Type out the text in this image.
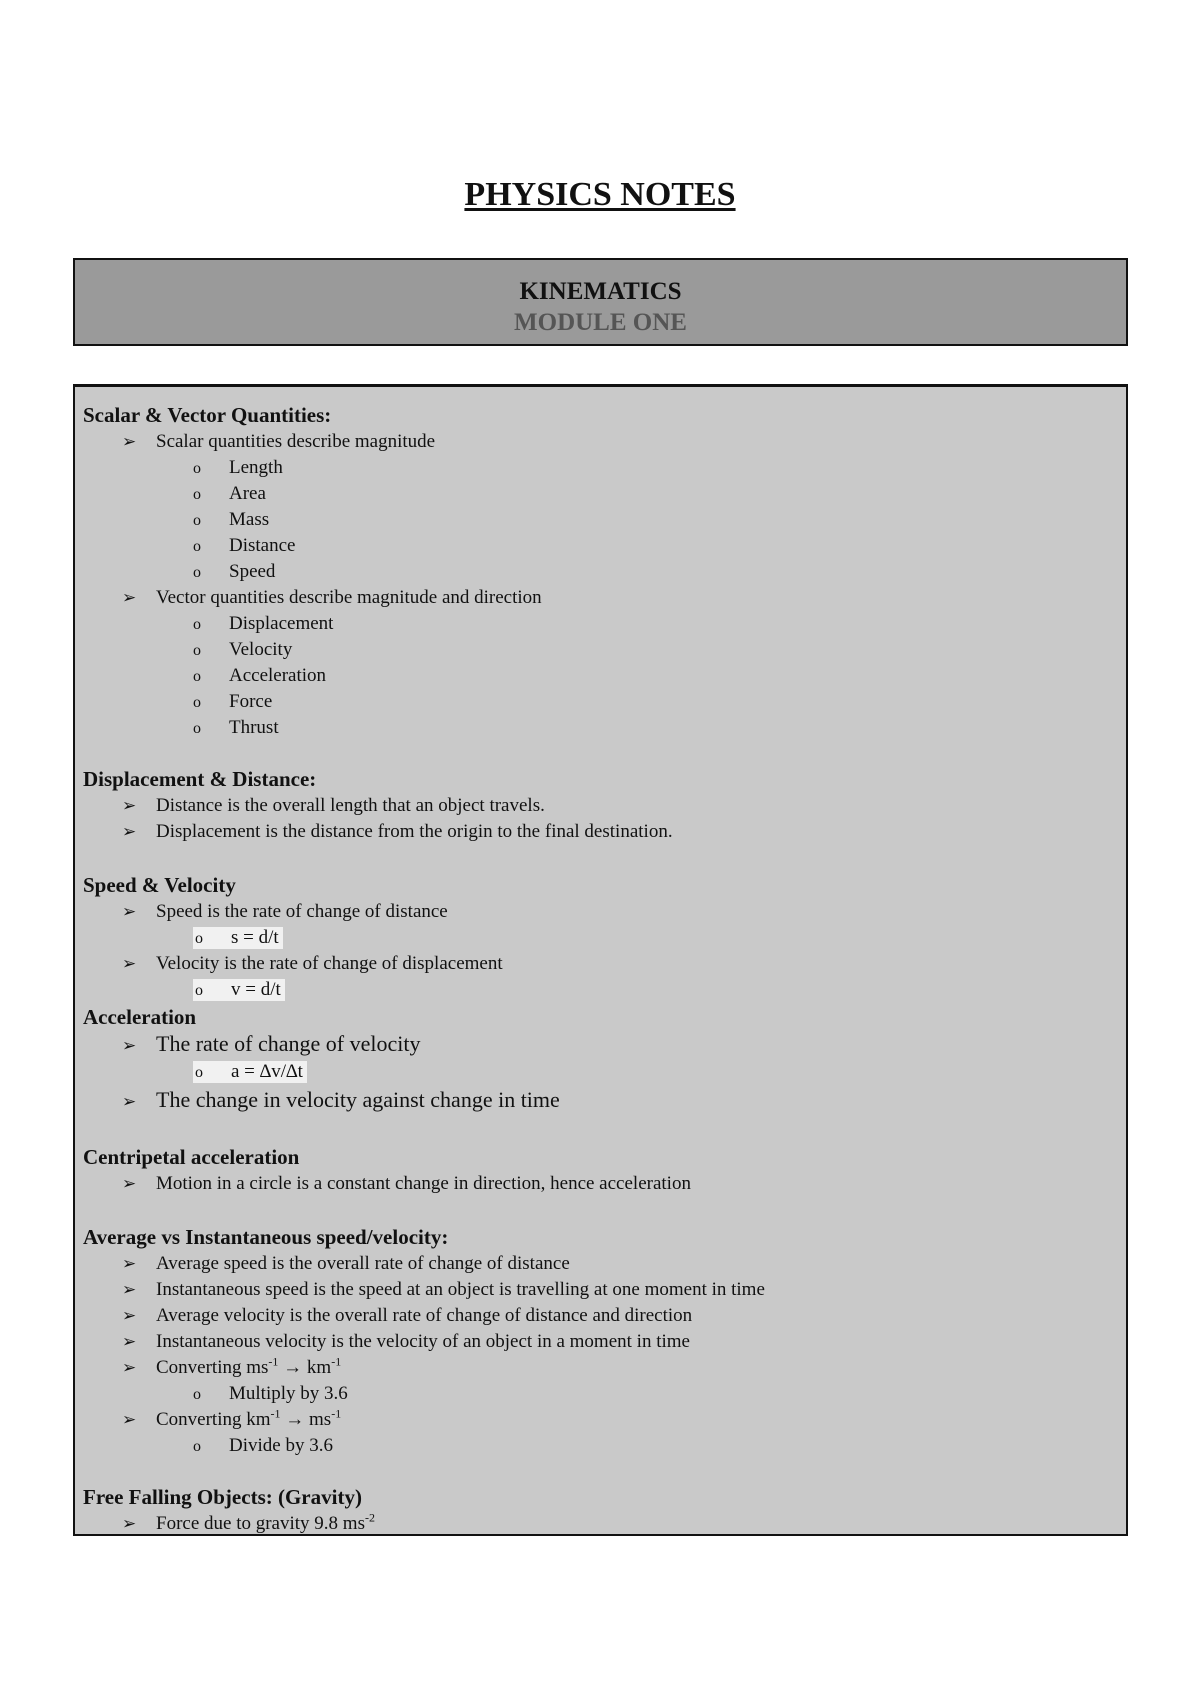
PHYSICS NOTES
KINEMATICS
MODULE ONE
Scalar & Vector Quantities:
➢ Scalar quantities describe magnitude
o Length
o Area
o Mass
o Distance
o Speed
➢ Vector quantities describe magnitude and direction
o Displacement
o Velocity
o Acceleration
o Force
o Thrust
Displacement & Distance:
➢ Distance is the overall length that an object travels.
➢ Displacement is the distance from the origin to the final destination.
Speed & Velocity
➢ Speed is the rate of change of distance
o s = d/t
➢ Velocity is the rate of change of displacement
o v = d/t
Acceleration
➢ The rate of change of velocity
o a = ∆v/∆t
➢ The change in velocity against change in time
Centripetal acceleration
➢ Motion in a circle is a constant change in direction, hence acceleration
Average vs Instantaneous speed/velocity:
➢ Average speed is the overall rate of change of distance
➢ Instantaneous speed is the speed at an object is travelling at one moment in time
➢ Average velocity is the overall rate of change of distance and direction
➢ Instantaneous velocity is the velocity of an object in a moment in time
➢ Converting $ms^{-1} \to km^{-1}$
o Multiply by 3.6
➢ Converting $km^{-1} \to ms^{-1}$
o Divide by 3.6
Free Falling Objects: (Gravity)
➢ Force due to gravity 9.8 $ms^{-2}$
